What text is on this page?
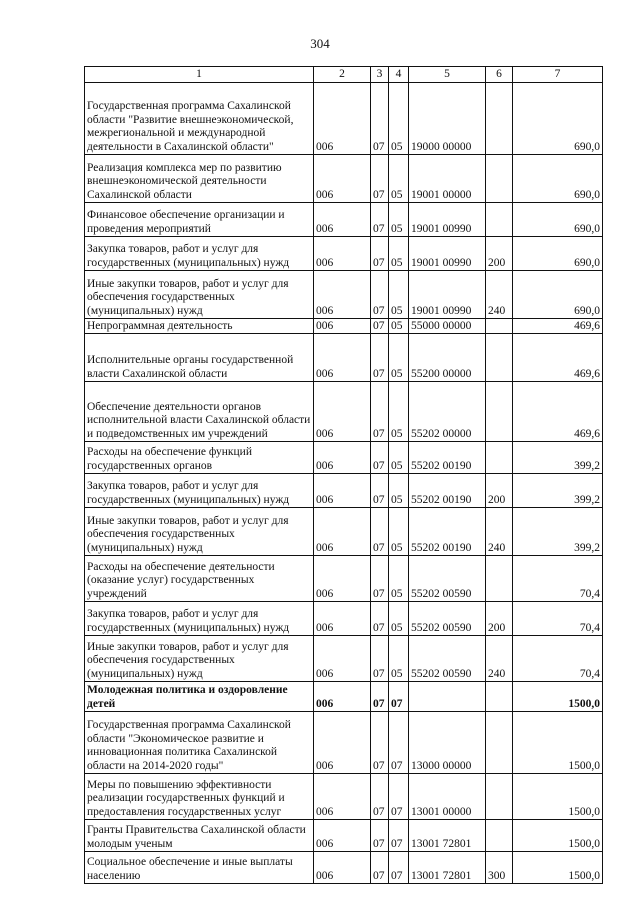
304
1	2	3	4	5	6	7
Государственная программа Сахалинской области "Развитие внешнеэкономической, межрегиональной и международной деятельности в Сахалинской области"	006	07	05	19000 00000		690,0
Реализация комплекса мер по развитию внешнеэкономической деятельности Сахалинской области	006	07	05	19001 00000		690,0
Финансовое обеспечение организации и проведения мероприятий	006	07	05	19001 00990		690,0
Закупка товаров, работ и услуг для государственных (муниципальных) нужд	006	07	05	19001 00990	200	690,0
Иные закупки товаров, работ и услуг для обеспечения государственных (муниципальных) нужд	006	07	05	19001 00990	240	690,0
Непрограммная деятельность	006	07	05	55000 00000		469,6
Исполнительные органы государственной власти Сахалинской области	006	07	05	55200 00000		469,6
Обеспечение деятельности органов исполнительной власти Сахалинской области и подведомственных им учреждений	006	07	05	55202 00000		469,6
Расходы на обеспечение функций государственных органов	006	07	05	55202 00190		399,2
Закупка товаров, работ и услуг для государственных (муниципальных) нужд	006	07	05	55202 00190	200	399,2
Иные закупки товаров, работ и услуг для обеспечения государственных (муниципальных) нужд	006	07	05	55202 00190	240	399,2
Расходы на обеспечение деятельности (оказание услуг) государственных учреждений	006	07	05	55202 00590		70,4
Закупка товаров, работ и услуг для государственных (муниципальных) нужд	006	07	05	55202 00590	200	70,4
Иные закупки товаров, работ и услуг для обеспечения государственных (муниципальных) нужд	006	07	05	55202 00590	240	70,4
Молодежная политика и оздоровление детей	006	07	07			1500,0
Государственная программа Сахалинской области "Экономическое развитие и инновационная политика Сахалинской области на 2014-2020 годы"	006	07	07	13000 00000		1500,0
Меры по повышению эффективности реализации государственных функций и предоставления государственных услуг	006	07	07	13001 00000		1500,0
Гранты Правительства Сахалинской области молодым ученым	006	07	07	13001 72801		1500,0
Социальное обеспечение и иные выплаты населению	006	07	07	13001 72801	300	1500,0
